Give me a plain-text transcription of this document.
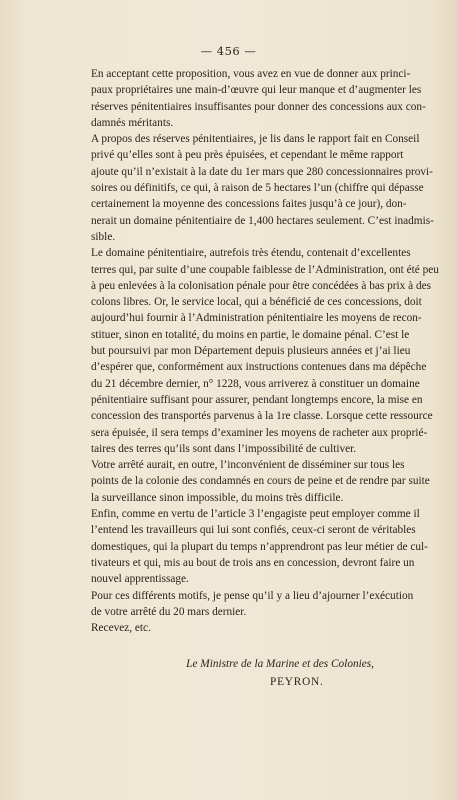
— 456 —
En acceptant cette proposition, vous avez en vue de donner aux princi-
paux propriétaires une main-d’œuvre qui leur manque et d’augmenter les
réserves pénitentiaires insuffisantes pour donner des concessions aux con-
damnés méritants.
A propos des réserves pénitentiaires, je lis dans le rapport fait en Conseil
privé qu’elles sont à peu près épuisées, et cependant le même rapport
ajoute qu’il n’existait à la date du 1er mars que 280 concessionnaires provi-
soires ou définitifs, ce qui, à raison de 5 hectares l’un (chiffre qui dépasse
certainement la moyenne des concessions faites jusqu’à ce jour), don-
nerait un domaine pénitentiaire de 1,400 hectares seulement. C’est inadmis-
sible.
Le domaine pénitentiaire, autrefois très étendu, contenait d’excellentes
terres qui, par suite d’une coupable faiblesse de l’Administration, ont été peu
à peu enlevées à la colonisation pénale pour être concédées à bas prix à des
colons libres. Or, le service local, qui a bénéficié de ces concessions, doit
aujourd’hui fournir à l’Administration pénitentiaire les moyens de recon-
stituer, sinon en totalité, du moins en partie, le domaine pénal. C’est le
but poursuivi par mon Département depuis plusieurs années et j’ai lieu
d’espérer que, conformément aux instructions contenues dans ma dépêche
du 21 décembre dernier, n° 1228, vous arriverez à constituer un domaine
pénitentiaire suffisant pour assurer, pendant longtemps encore, la mise en
concession des transportés parvenus à la 1re classe. Lorsque cette ressource
sera épuisée, il sera temps d’examiner les moyens de racheter aux proprié-
taires des terres qu’ils sont dans l’impossibilité de cultiver.
Votre arrêté aurait, en outre, l’inconvénient de disséminer sur tous les
points de la colonie des condamnés en cours de peine et de rendre par suite
la surveillance sinon impossible, du moins très difficile.
Enfin, comme en vertu de l’article 3 l’engagiste peut employer comme il
l’entend les travailleurs qui lui sont confiés, ceux-ci seront de véritables
domestiques, qui la plupart du temps n’apprendront pas leur métier de cul-
tivateurs et qui, mis au bout de trois ans en concession, devront faire un
nouvel apprentissage.
Pour ces différents motifs, je pense qu’il y a lieu d’ajourner l’exécution
de votre arrêté du 20 mars dernier.
Recevez, etc.
Le Ministre de la Marine et des Colonies,
PEYRON.
